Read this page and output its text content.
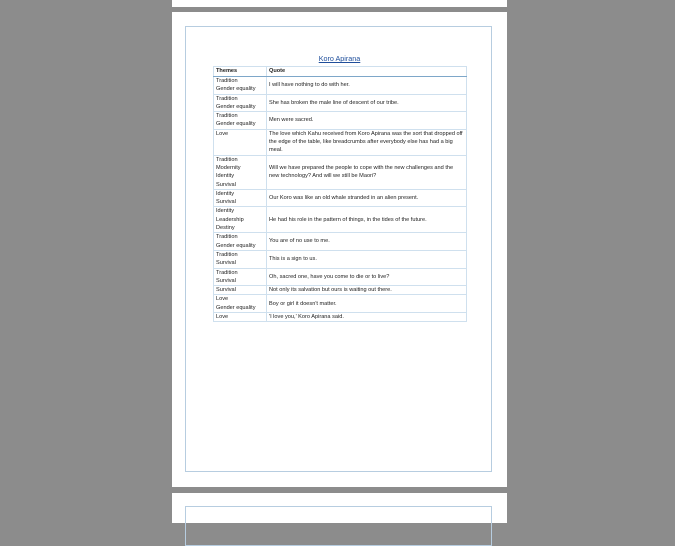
Koro Apirana
Themes	Quote

Tradition
Gender equality	I will have nothing to do with her.

Tradition
Gender equality	She has broken the male line of descent of our tribe.

Tradition
Gender equality	Men were sacred.

Love	The love which Kahu received from Koro Apirana was the sort that dropped off the edge of the table, like breadcrumbs after everybody else has had a big meal.

Tradition
Modernity
Identity
Survival	Will we have prepared the people to cope with the new challenges and the new technology? And will we still be Maori?

Identity
Survival	Our Koro was like an old whale stranded in an alien present.

Identity
Leadership
Destiny	He had his role in the pattern of things, in the tides of the future.

Tradition
Gender equality	You are of no use to me.

Tradition
Survival	This is a sign to us.

Tradition
Survival	Oh, sacred one, have you come to die or to live?

Survival	Not only its salvation but ours is waiting out there.

Love
Gender equality	Boy or girl it doesn't matter.

Love	'I love you,' Koro Apirana said.
